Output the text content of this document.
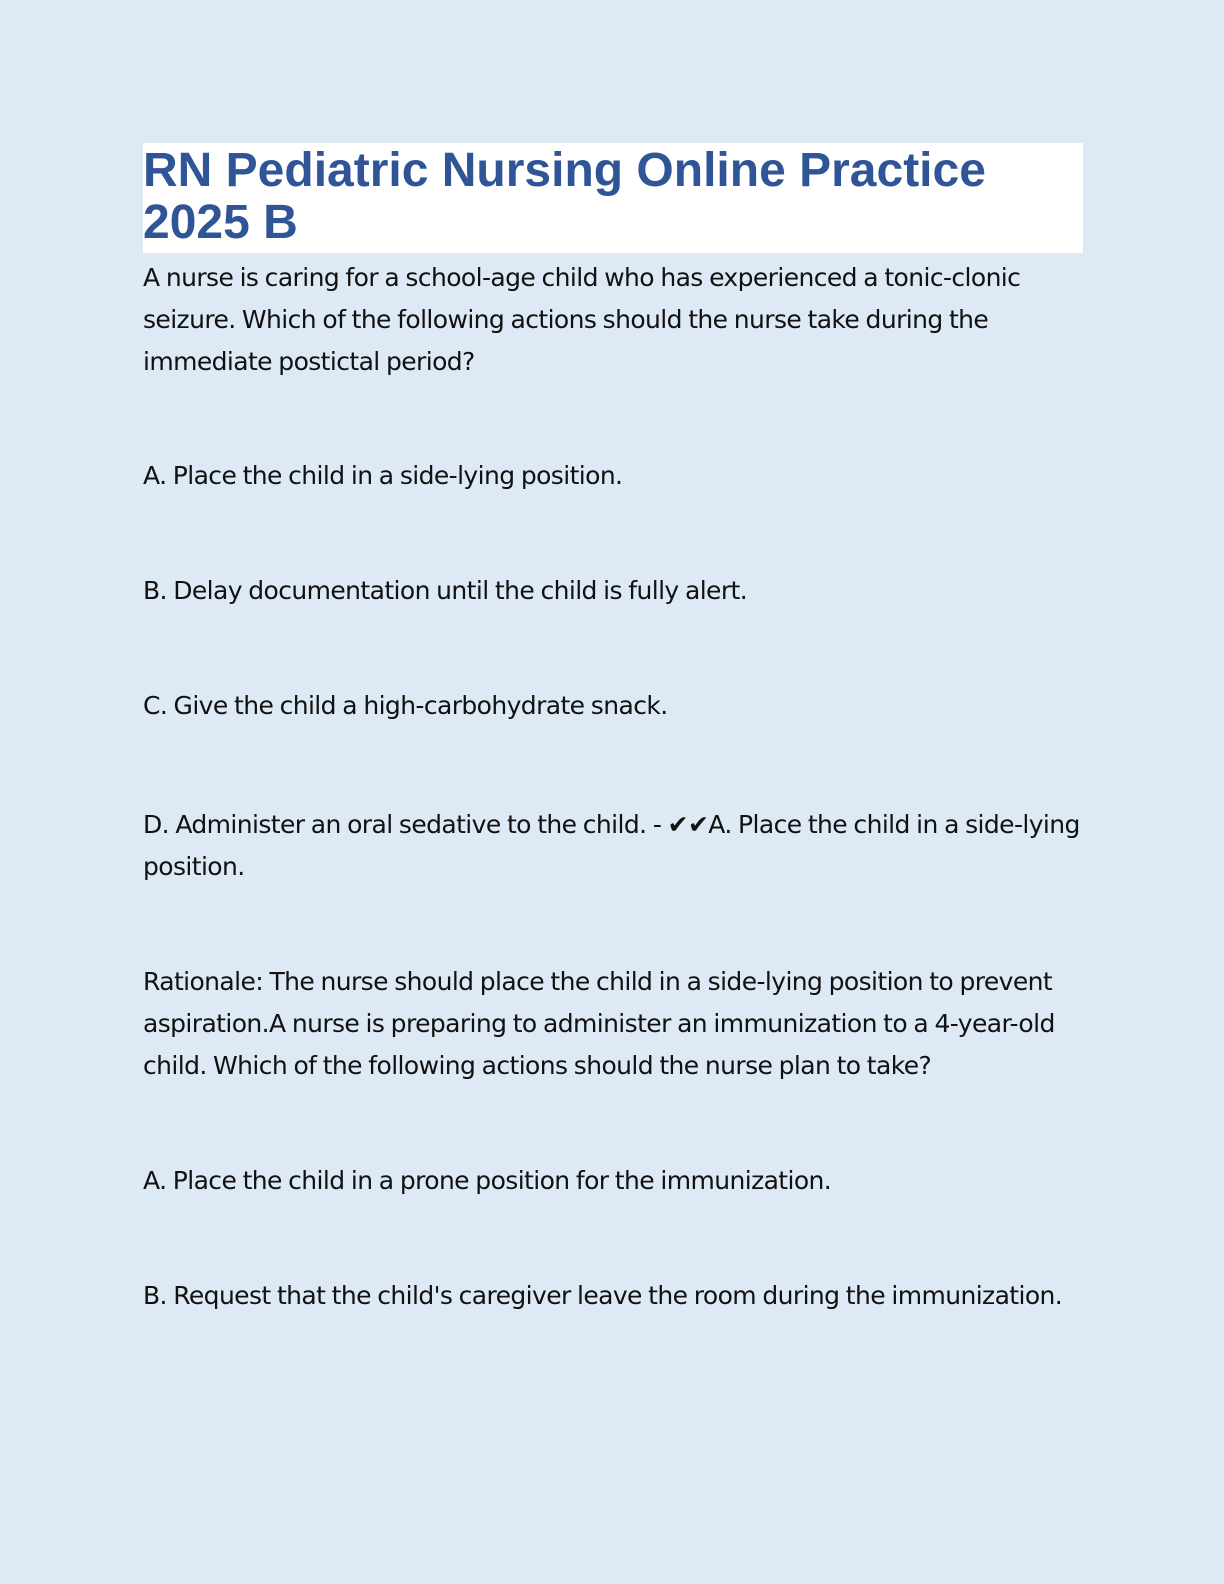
RN Pediatric Nursing Online Practice 2025 B

A nurse is caring for a school-age child who has experienced a tonic-clonic seizure. Which of the following actions should the nurse take during the immediate postictal period?

A. Place the child in a side-lying position.

B. Delay documentation until the child is fully alert.

C. Give the child a high-carbohydrate snack.

D. Administer an oral sedative to the child. - ✔✔A. Place the child in a side-lying position.

Rationale: The nurse should place the child in a side-lying position to prevent aspiration.A nurse is preparing to administer an immunization to a 4-year-old child. Which of the following actions should the nurse plan to take?

A. Place the child in a prone position for the immunization.

B. Request that the child's caregiver leave the room during the immunization.
